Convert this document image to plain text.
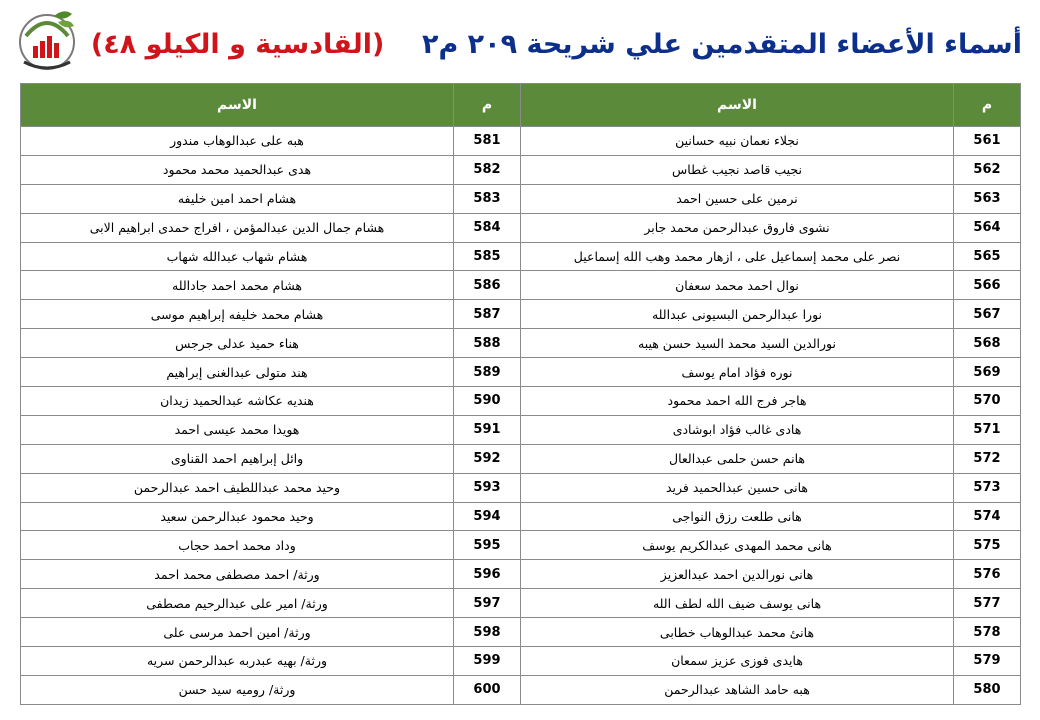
أسماء الأعضاء المتقدمين علي شريحة ٢٠٩ م٢    (القادسية و الكيلو ٤٨)
الاسم	م	الاسم	م
هبه على عبدالوهاب مندور	581	نجلاء نعمان نبيه حسانين	561
هدى عبدالحميد محمد محمود	582	نجيب قاصد نجيب غطاس	562
هشام احمد امين خليفه	583	نرمين على حسين احمد	563
هشام جمال الدين عبدالمؤمن ، افراج حمدى ابراهيم الابى	584	نشوى فاروق عبدالرحمن محمد جابر	564
هشام شهاب عبدالله شهاب	585	نصر على محمد إسماعيل على ، ازهار محمد وهب الله إسماعيل	565
هشام محمد احمد جادالله	586	نوال احمد محمد سعفان	566
هشام محمد خليفه إبراهيم موسى	587	نورا عبدالرحمن البسيونى عبدالله	567
هناء حميد عدلى جرجس	588	نورالدين السيد محمد السيد حسن هيبه	568
هند متولى عبدالغنى إبراهيم	589	نوره فؤاد امام يوسف	569
هنديه عكاشه عبدالحميد زيدان	590	هاجر فرج الله احمد محمود	570
هويدا محمد عيسى احمد	591	هادى غالب فؤاد ابوشادى	571
وائل إبراهيم احمد القناوى	592	هانم حسن حلمى عبدالعال	572
وحيد محمد عبداللطيف احمد عبدالرحمن	593	هانى حسين عبدالحميد فريد	573
وحيد محمود عبدالرحمن سعيد	594	هانى طلعت رزق النواجى	574
وداد محمد احمد حجاب	595	هانى محمد المهدى عبدالكريم يوسف	575
ورثة/ احمد مصطفى محمد احمد	596	هانى نورالدين احمد عبدالعزيز	576
ورثة/ امير على عبدالرحيم مصطفى	597	هانى يوسف ضيف الله لطف الله	577
ورثة/ امين احمد مرسى على	598	هانئ محمد عبدالوهاب خطابى	578
ورثة/ بهيه عبدربه عبدالرحمن سريه	599	هايدى فوزى عزيز سمعان	579
ورثة/ روميه سيد حسن	600	هبه حامد الشاهد عبدالرحمن	580
